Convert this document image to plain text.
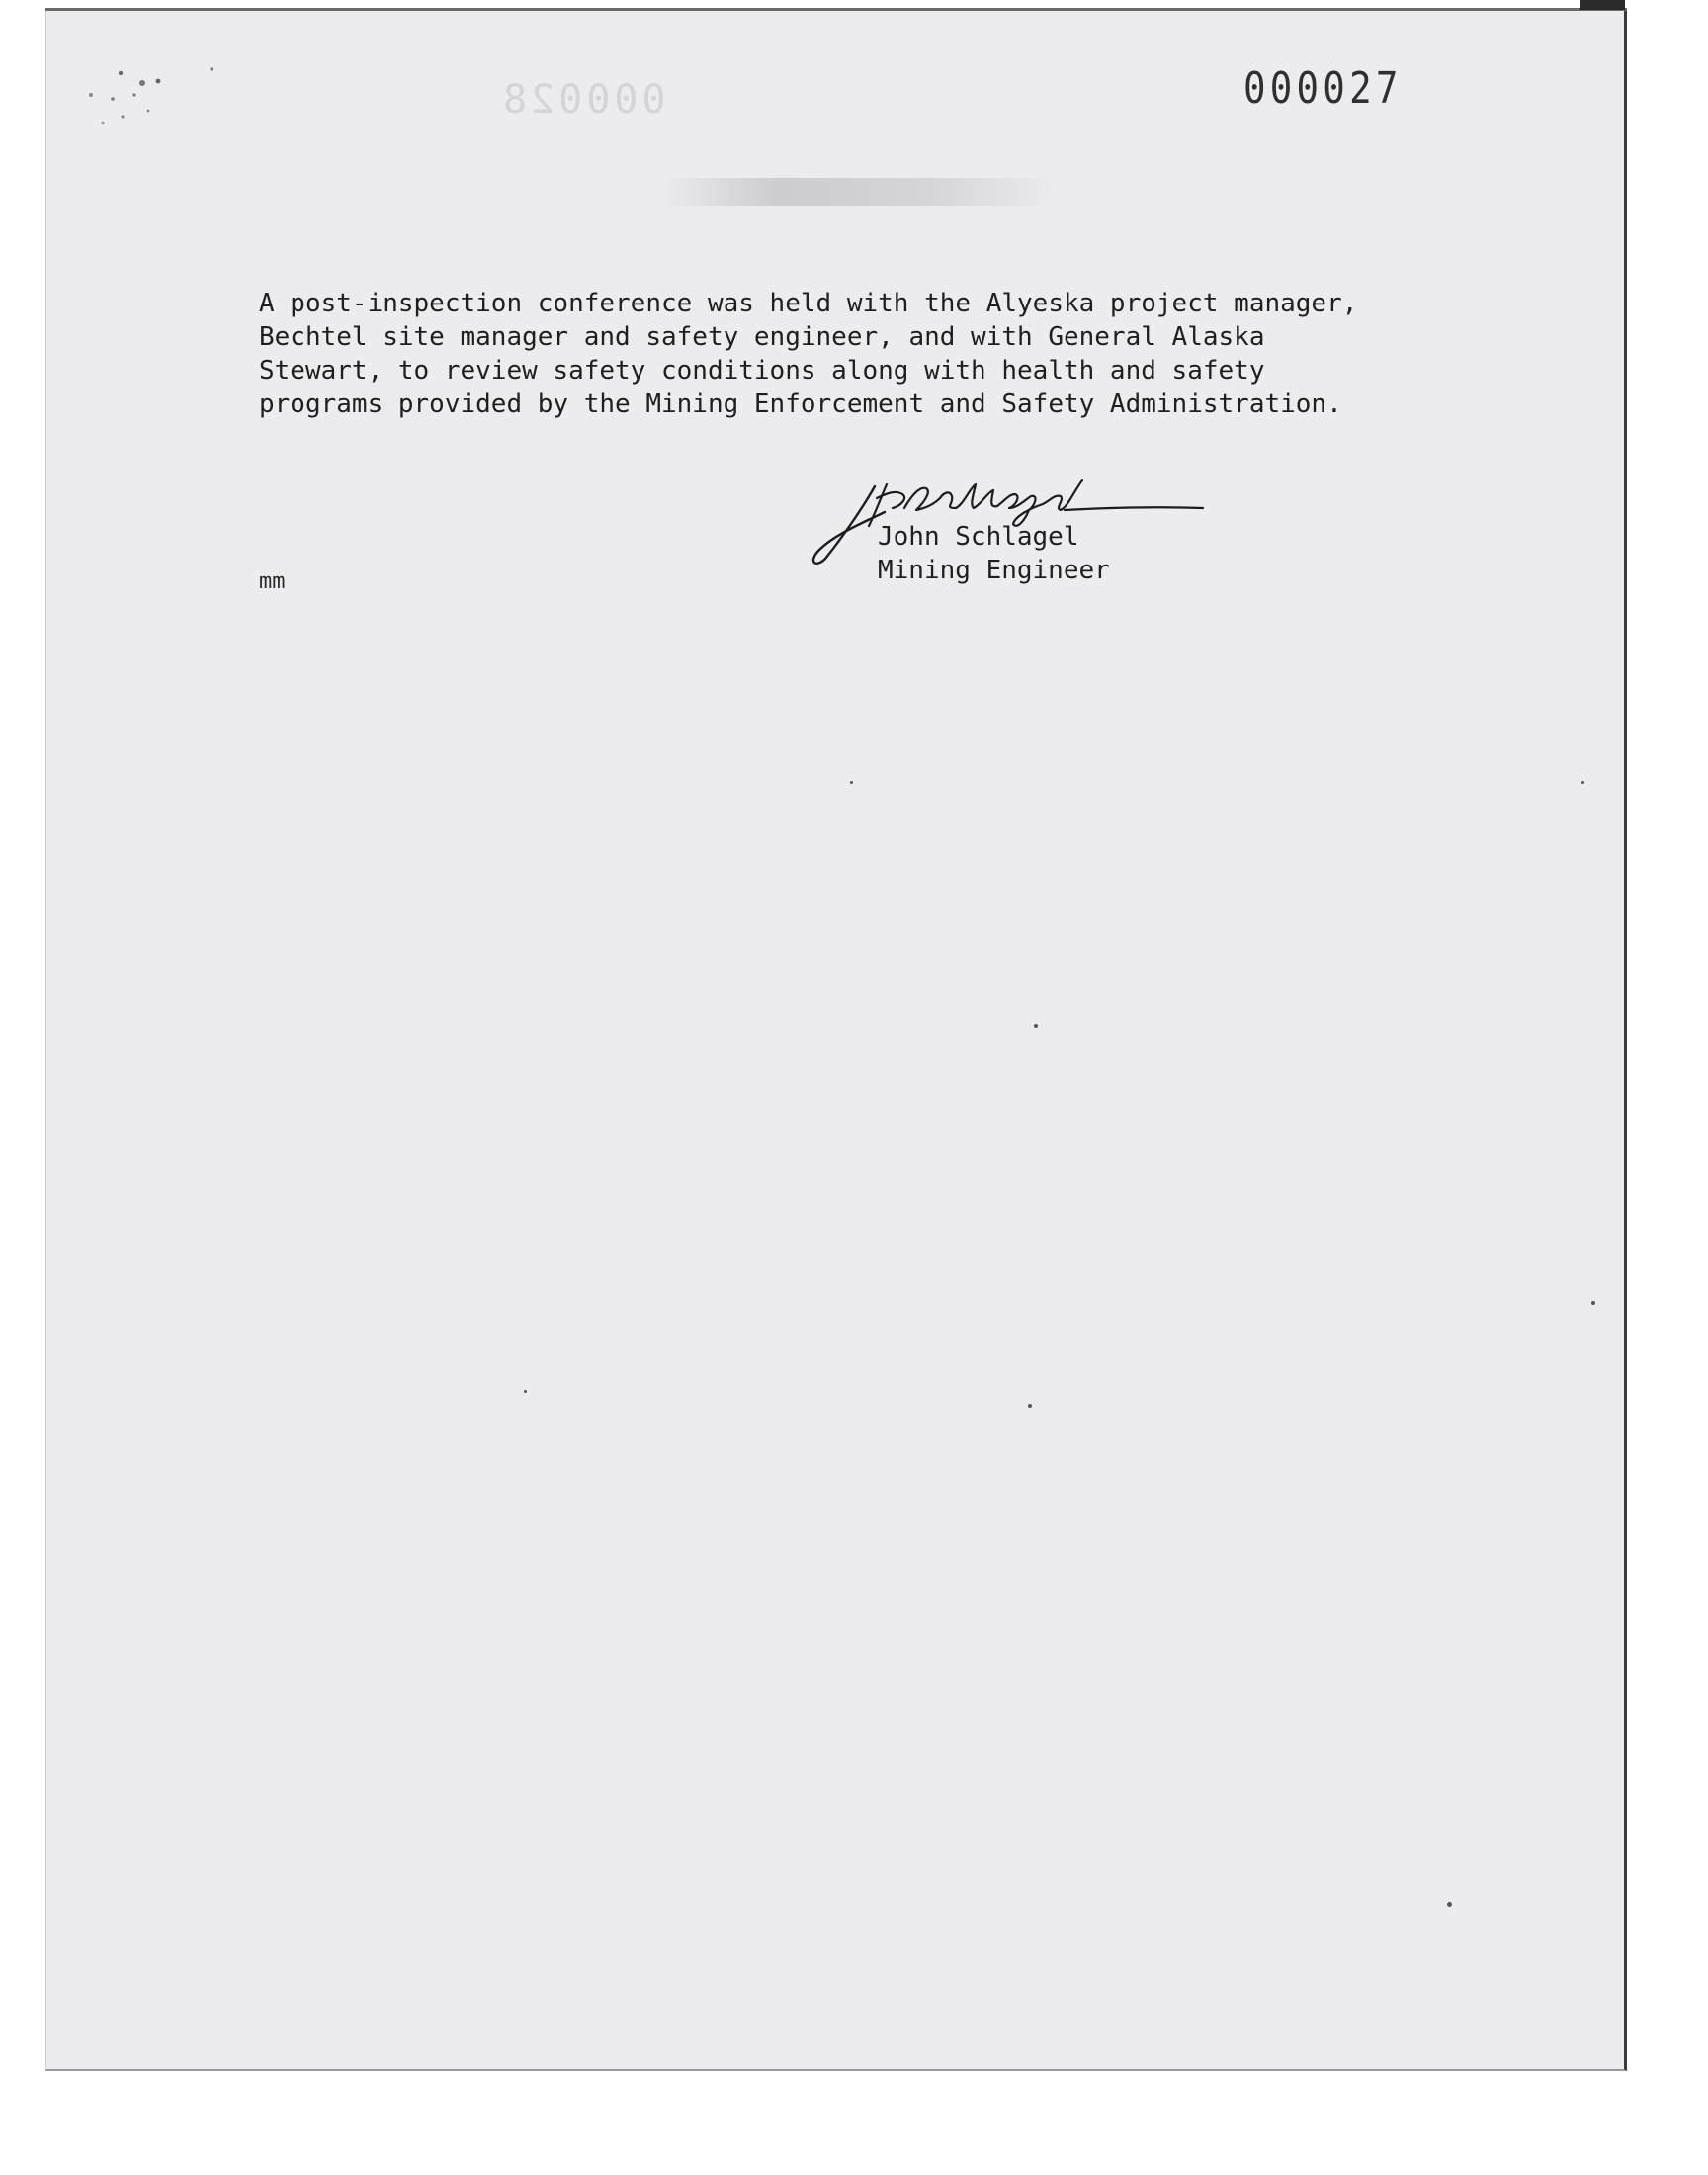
000028	000027
A post-inspection conference was held with the Alyeska project manager,
Bechtel site manager and safety engineer, and with General Alaska
Stewart, to review safety conditions along with health and safety
programs provided by the Mining Enforcement and Safety Administration.
John Schlagel
Mining Engineer
mm
